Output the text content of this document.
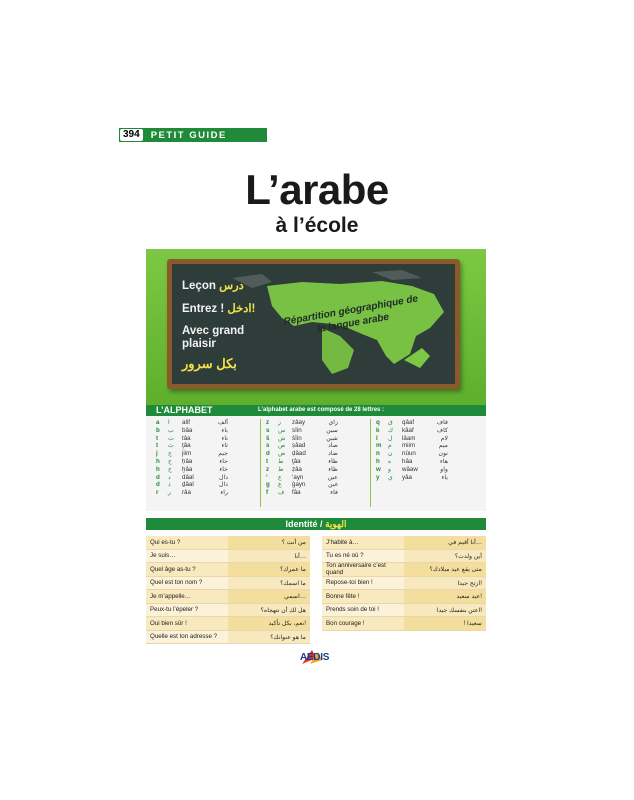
394	PETIT GUIDE
L’arabe
à l’école
Leçon درس
Entrez ! ادخل!
Avec grand
plaisir
بكل سرور
Répartition géographique de la langue arabe
L’ALPHABET	L’alphabet arabe est composé de 28 lettres :
a	ا	alif	ألف
b	ب	bâa	باء
t	ت	tâa	تاء
t	ث	ţâa	ثاء
j	ج	jiim	جيم
h	ح	ḥâa	حاء
h	خ	ḫâa	خاء
d	د	dâal	دال
d	ذ	ḏâal	ذال
r	ر	râa	راء
z	ز	zâay	زاي
s	س	sîin	سين
š	ش	šîin	شين
s	ص	ṣâad	صاد
d	ض	ḍâad	ضاد
t	ط	ţâa	طاء
z	ظ	ẓâa	ظاء
‘	ع	‘ayn	عين
g	غ	ġayn	غين
f	ف	fâa	فاء
q	ق	qâaf	قاف
k	ك	kâaf	كاف
l	ل	lâam	لام
m	م	miim	ميم
n	ن	nûun	نون
h	ه	hâa	هاء
w	و	wâaw	واو
y	ي	yâa	ياء
Identité / الهوية
Qui es-tu ?	من أنت ؟
Je suis…	أنا…
Quel âge as-tu ?	ما عمرك؟
Quel est ton nom ?	ما اسمك؟
Je m’appelle…	اسمي…
Peux-tu l’épeler ?	هل لك أن تتهجاه؟
Oui bien sûr !	نعم، بكل تأكيد!
Quelle est ton adresse ?	ما هو عنوانك؟
J’habite à…	أنا أقيم في…
Tu es né où ?	أين ولدت؟
Ton anniversaire c’est quand	متى يقع عيد ميلادك؟
Repose-toi bien !	ارتح جيدا!
Bonne fête !	عيد سعيد!
Prends soin de toi !	اعتن بنفسك جيدا!
Bon courage !	! سعيدا
AEDIS
